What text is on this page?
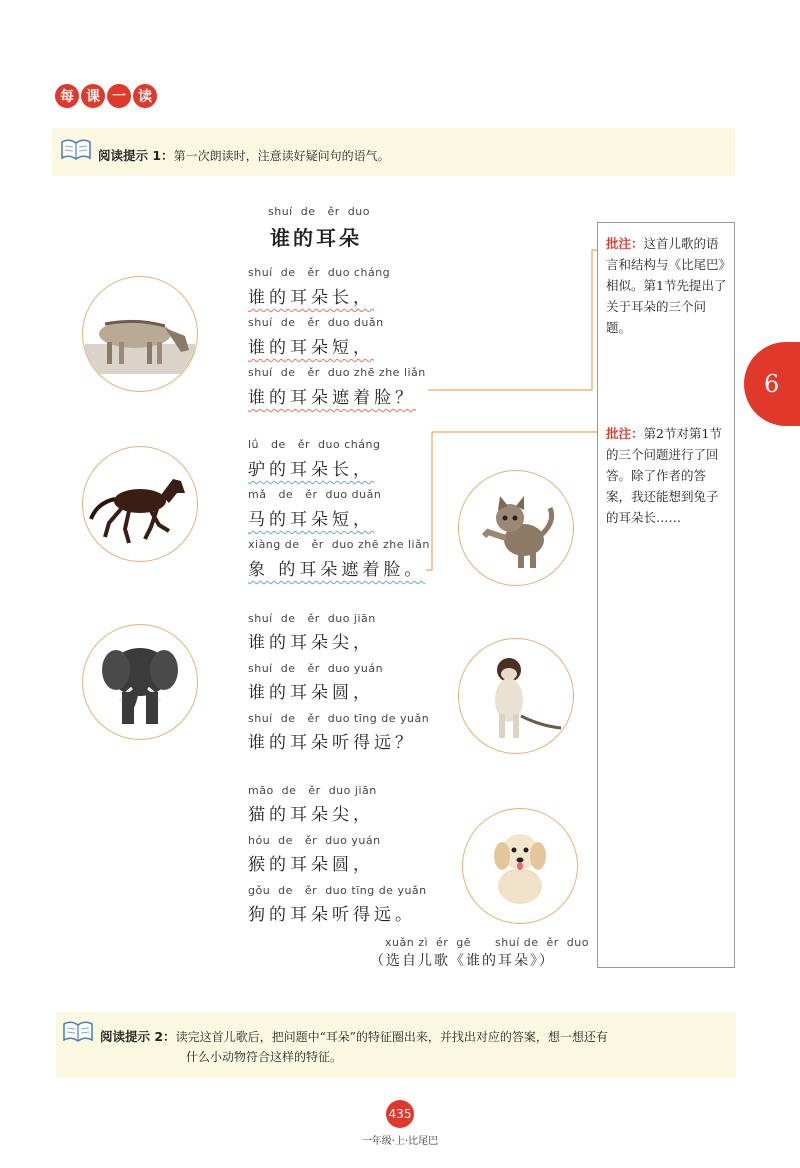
每 课 一 读
阅读提示 1：第一次朗读时，注意读好疑问句的语气。
shuí  de   ěr  duo
谁的耳朵
shuí  de   ěr  duo cháng
谁的耳朵长，
shuí  de   ěr  duo duǎn
谁的耳朵短，
shuí  de   ěr  duo zhē zhe liǎn
谁的耳朵遮着脸？
lǘ   de   ěr  duo cháng
驴的耳朵长，
mǎ   de   ěr  duo duǎn
马的耳朵短，
xiàng de   ěr  duo zhē zhe liǎn
象 的耳朵遮着脸。
shuí  de   ěr  duo jiān
谁的耳朵尖，
shuí  de   ěr  duo yuán
谁的耳朵圆，
shuí  de   ěr  duo tīng de yuǎn
谁的耳朵听得远？
māo  de   ěr  duo jiān
猫的耳朵尖，
hóu  de   ěr  duo yuán
猴的耳朵圆，
gǒu  de   ěr  duo tīng de yuǎn
狗的耳朵听得远。
xuǎn zì  ér  gē      shuí de  ěr  duo
（选自儿歌《谁的耳朵》）
批注：这首儿歌的语言和结构与《比尾巴》相似。第1节先提出了关于耳朵的三个问题。
批注：第2节对第1节的三个问题进行了回答。除了作者的答案，我还能想到兔子的耳朵长……
6
阅读提示 2：读完这首儿歌后，把问题中“耳朵”的特征圈出来，并找出对应的答案，想一想还有
什么小动物符合这样的特征。
435
一年级·上·比尾巴
